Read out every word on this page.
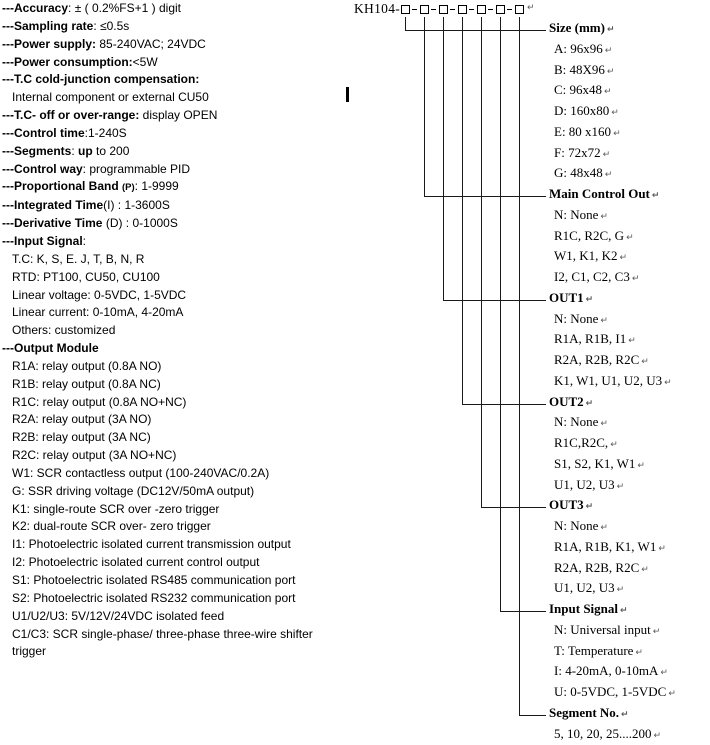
---Accuracy: ± ( 0.2%FS+1 ) digit
---Sampling rate: ≤0.5s
---Power supply: 85-240VAC; 24VDC
---Power consumption:<5W
---T.C cold-junction compensation:
Internal component or external CU50
---T.C- off or over-range: display OPEN
---Control time:1-240S
---Segments: up to 200
---Control way: programmable PID
---Proportional Band (P): 1-9999
---Integrated Time(I) : 1-3600S
---Derivative Time (D) : 0-1000S
---Input Signal:
T.C: K, S, E. J, T, B, N, R
RTD: PT100, CU50, CU100
Linear voltage: 0-5VDC, 1-5VDC
Linear current: 0-10mA, 4-20mA
Others: customized
---Output Module
R1A: relay output (0.8A NO)
R1B: relay output (0.8A NC)
R1C: relay output (0.8A NO+NC)
R2A: relay output (3A NO)
R2B: relay output (3A NC)
R2C: relay output (3A NO+NC)
W1: SCR contactless output (100-240VAC/0.2A)
G: SSR driving voltage (DC12V/50mA output)
K1: single-route SCR over -zero trigger
K2: dual-route SCR over- zero trigger
I1: Photoelectric isolated current transmission output
I2: Photoelectric isolated current control output
S1: Photoelectric isolated RS485 communication port
S2: Photoelectric isolated RS232 communication port
U1/U2/U3: 5V/12V/24VDC isolated feed
C1/C3: SCR single-phase/ three-phase three-wire shifter
trigger
KH104-	↵
Size (mm) ↵
A: 96x96 ↵
B: 48X96 ↵
C: 96x48 ↵
D: 160x80 ↵
E: 80 x160 ↵
F: 72x72 ↵
G: 48x48 ↵
Main Control Out ↵
N: None ↵
R1C, R2C, G ↵
W1, K1, K2 ↵
I2, C1, C2, C3 ↵
OUT1 ↵
N: None ↵
R1A, R1B, I1 ↵
R2A, R2B, R2C ↵
K1, W1, U1, U2, U3 ↵
OUT2 ↵
N: None ↵
R1C,R2C, ↵
S1, S2, K1, W1 ↵
U1, U2, U3 ↵
OUT3 ↵
N: None ↵
R1A, R1B, K1, W1 ↵
R2A, R2B, R2C ↵
U1, U2, U3 ↵
Input Signal ↵
N: Universal input ↵
T: Temperature ↵
I: 4-20mA, 0-10mA ↵
U: 0-5VDC, 1-5VDC ↵
Segment No. ↵
5, 10, 20, 25....200 ↵
